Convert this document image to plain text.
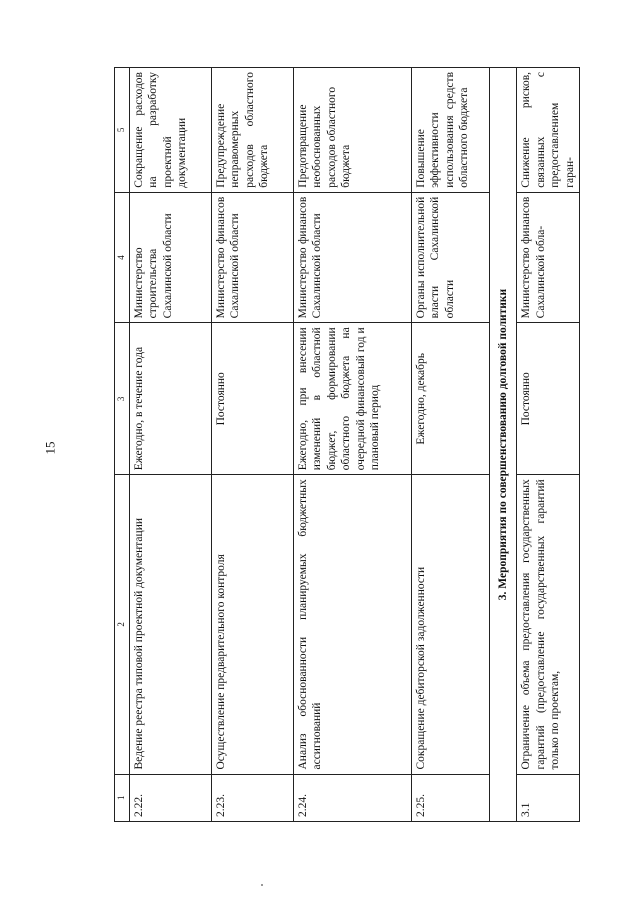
15
1	2	3	4	5
2.22.	Ведение реестра типовой проектной документации	Ежегодно, в течение года	Министерство строительства Сахалинской области	Сокращение расходов на разработку проектной документации
2.23.	Осуществление предварительного контроля	Постоянно	Министерство финансов Сахалинской области	Предупреждение неправомерных расходов областного бюджета
2.24.	Анализ обоснованности планируемых бюджетных ассигнований	Ежегодно, при внесении изменений в областной бюджет, формировании областного бюджета на очередной финансовый год и плановый период	Министерство финансов Сахалинской области	Предотвращение необоснованных расходов областного бюджета
2.25.	Сокращение дебиторской задолженности	Ежегодно, декабрь	Органы исполнительной власти Сахалинской области	Повышение эффективности использования средств областного бюджета
3. Мероприятия по совершенствованию долговой политики				
3.1	Ограничение объема предоставления государственных гарантий (предоставление государственных гарантий только по проектам,	Постоянно	Министерство финансов Сахалинской обла-	Снижение рисков, связанных с предоставлением гаран-
